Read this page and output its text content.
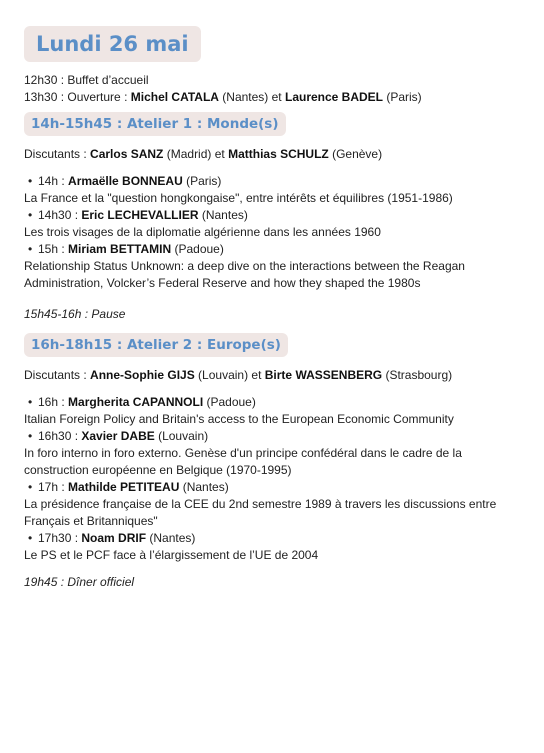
Lundi 26 mai

12h30 : Buffet d’accueil

13h30 : Ouverture : Michel CATALA (Nantes) et Laurence BADEL (Paris)

14h-15h45 : Atelier 1 : Monde(s)

Discutants : Carlos SANZ (Madrid) et Matthias SCHULZ (Genève)

• 14h : Armaëlle BONNEAU (Paris)

La France et la "question hongkongaise", entre intérêts et équilibres (1951-1986)

• 14h30 : Eric LECHEVALLIER (Nantes)

Les trois visages de la diplomatie algérienne dans les années 1960

• 15h : Miriam BETTAMIN (Padoue)

Relationship Status Unknown: a deep dive on the interactions between the Reagan Administration, Volcker’s Federal Reserve and how they shaped the 1980s

15h45-16h : Pause

16h-18h15 : Atelier 2 : Europe(s)

Discutants : Anne-Sophie GIJS (Louvain) et Birte WASSENBERG (Strasbourg)

• 16h : Margherita CAPANNOLI (Padoue)

Italian Foreign Policy and Britain's access to the European Economic Community

• 16h30 : Xavier DABE (Louvain)

In foro interno in foro externo. Genèse d'un principe confédéral dans le cadre de la construction européenne en Belgique (1970-1995)

• 17h : Mathilde PETITEAU (Nantes)

La présidence française de la CEE du 2nd semestre 1989 à travers les discussions entre Français et Britanniques"

• 17h30 : Noam DRIF (Nantes)

Le PS et le PCF face à l’élargissement de l’UE de 2004

19h45 : Dîner officiel
